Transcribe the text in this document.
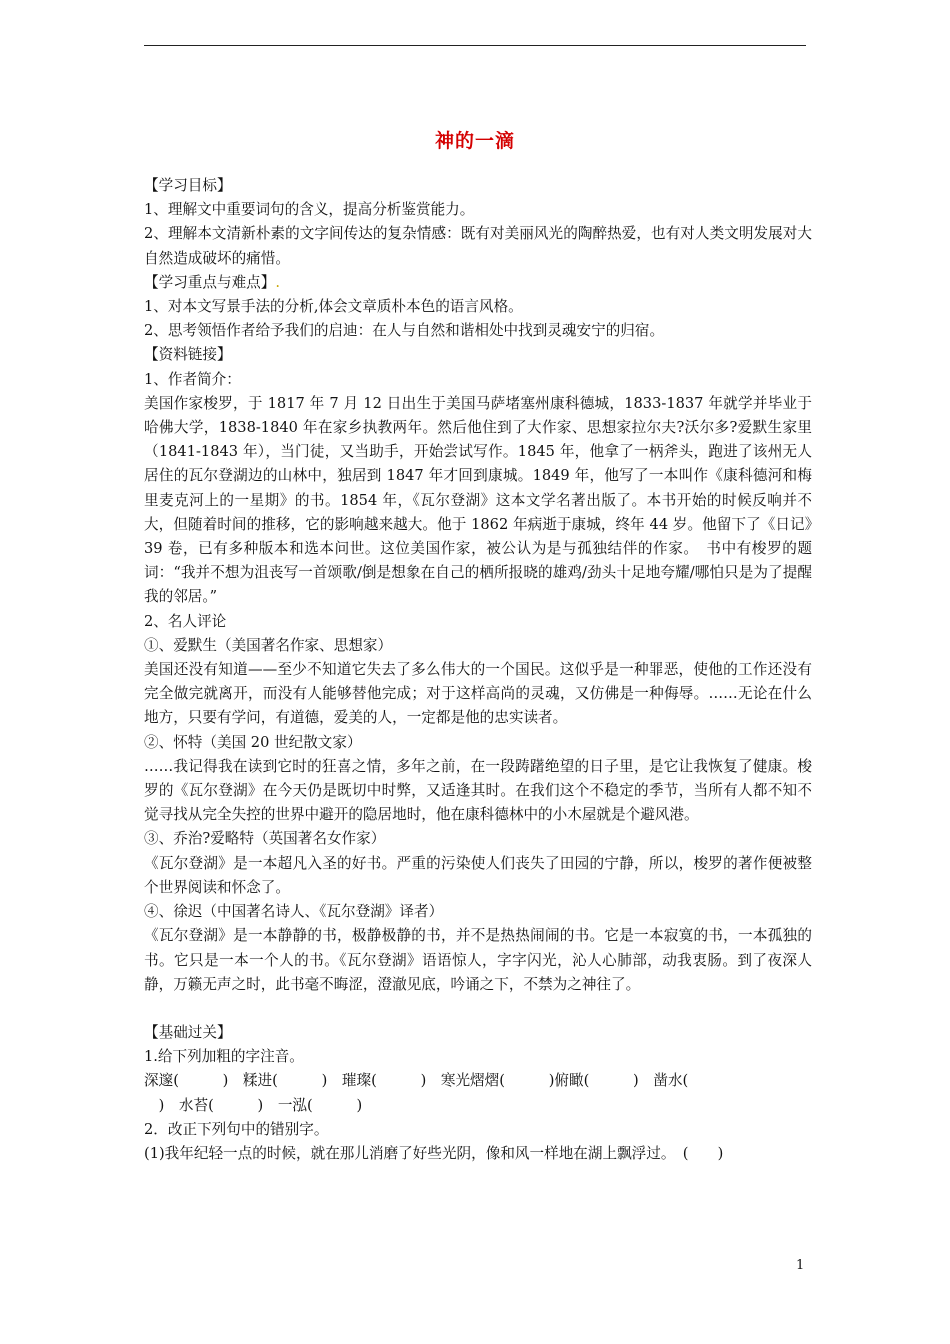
神的一滴

【学习目标】

1、理解文中重要词句的含义，提高分析鉴赏能力。

2、理解本文清新朴素的文字间传达的复杂情感：既有对美丽风光的陶醉热爱，也有对人类文明发展对大自然造成破坏的痛惜。

【学习重点与难点】.

1、对本文写景手法的分析,体会文章质朴本色的语言风格。

2、思考领悟作者给予我们的启迪：在人与自然和谐相处中找到灵魂安宁的归宿。

【资料链接】

1、作者简介：

美国作家梭罗，于 1817 年 7 月 12 日出生于美国马萨堵塞州康科德城，1833-1837 年就学并毕业于哈佛大学，1838-1840 年在家乡执教两年。然后他住到了大作家、思想家拉尔夫?沃尔多?爱默生家里（1841-1843 年），当门徒，又当助手，开始尝试写作。1845 年，他拿了一柄斧头，跑进了该州无人居住的瓦尔登湖边的山林中，独居到 1847 年才回到康城。1849 年，他写了一本叫作《康科德河和梅里麦克河上的一星期》的书。1854 年，《瓦尔登湖》这本文学名著出版了。本书开始的时候反响并不大，但随着时间的推移，它的影响越来越大。他于 1862 年病逝于康城，终年 44 岁。他留下了《日记》39 卷，已有多种版本和选本问世。这位美国作家，被公认为是与孤独结伴的作家。　书中有梭罗的题词：“我并不想为沮丧写一首颂歌/倒是想象在自己的栖所报晓的雄鸡/劲头十足地夸耀/哪怕只是为了提醒我的邻居。”

2、名人评论

①、爱默生（美国著名作家、思想家）

美国还没有知道——至少不知道它失去了多么伟大的一个国民。这似乎是一种罪恶，使他的工作还没有完全做完就离开，而没有人能够替他完成；对于这样高尚的灵魂，又仿佛是一种侮辱。……无论在什么地方，只要有学问，有道德，爱美的人，一定都是他的忠实读者。

②、怀特（美国 20 世纪散文家）

……我记得我在读到它时的狂喜之情，多年之前，在一段踌躇绝望的日子里，是它让我恢复了健康。梭罗的《瓦尔登湖》在今天仍是既切中时弊，又适逢其时。在我们这个不稳定的季节，当所有人都不知不觉寻找从完全失控的世界中避开的隐居地时，他在康科德林中的小木屋就是个避风港。

③、乔治?爱略特（英国著名女作家）

《瓦尔登湖》是一本超凡入圣的好书。严重的污染使人们丧失了田园的宁静，所以，梭罗的著作便被整个世界阅读和怀念了。

④、徐迟（中国著名诗人、《瓦尔登湖》译者）

《瓦尔登湖》是一本静静的书，极静极静的书，并不是热热闹闹的书。它是一本寂寞的书，一本孤独的书。它只是一本一个人的书。《瓦尔登湖》语语惊人，字字闪光，沁人心肺部，动我衷肠。到了夜深人静，万籁无声之时，此书毫不晦涩，澄澈见底，吟诵之下，不禁为之神往了。

【基础过关】

1.给下列加粗的字注音。

深邃(　　　)　糅进(　　　)　璀璨(　　　)　寒光熠熠(　　　)俯瞰(　　　)　凿水(

　)　水苔(　　　)　一泓(　　　)

2．改正下列句中的错别字。

(1)我年纪轻一点的时候，就在那儿消磨了好些光阴，像和风一样地在湖上飘浮过。　(　　)

1
